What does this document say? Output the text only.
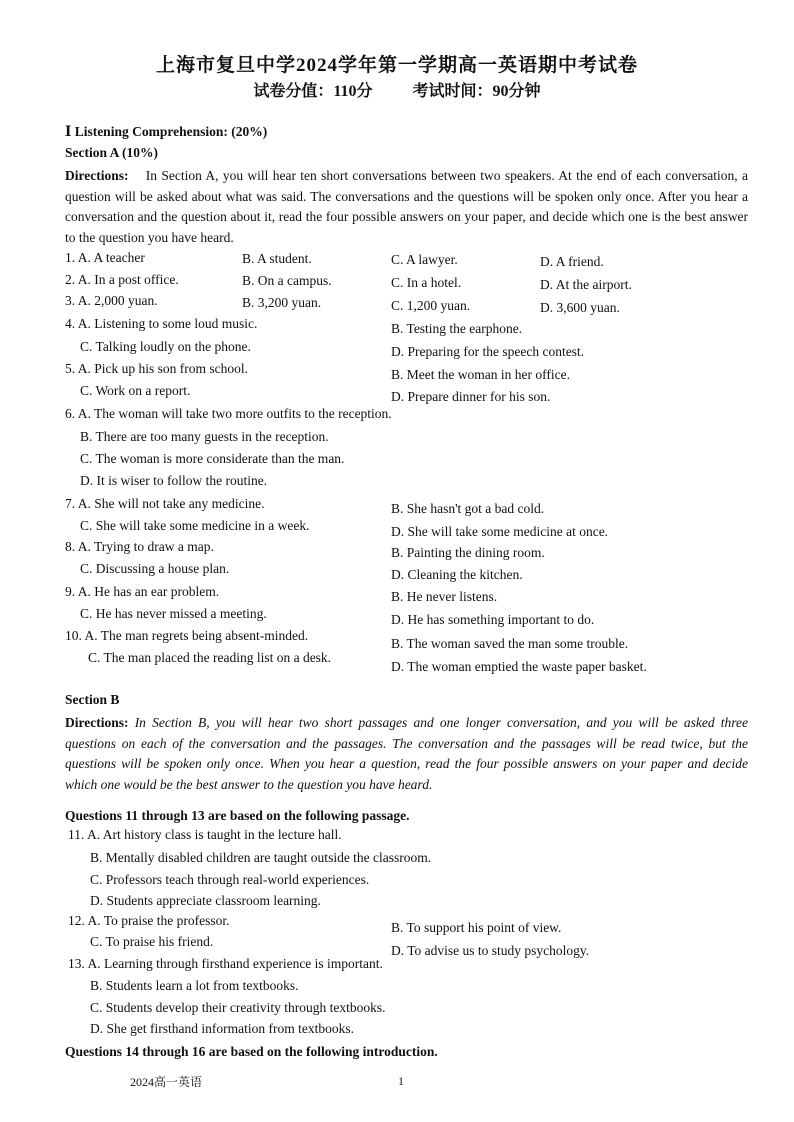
上海市复旦中学2024学年第一学期高一英语期中考试卷
试卷分值：110分	考试时间：90分钟
Ⅰ Listening Comprehension: (20%)
Section A (10%)
Directions: In Section A, you will hear ten short conversations between two speakers. At the end of each conversation, a question will be asked about what was said. The conversations and the questions will be spoken only once. After you hear a conversation and the question about it, read the four possible answers on your paper, and decide which one is the best answer to the question you have heard.
1. A. A teacher	B. A student.	C. A lawyer.	D. A friend.
2. A. In a post office.	B. On a campus.	C. In a hotel.	D. At the airport.
3. A. 2,000 yuan.	B. 3,200 yuan.	C. 1,200 yuan.	D. 3,600 yuan.
4. A. Listening to some loud music.	B. Testing the earphone.
C. Talking loudly on the phone.	D. Preparing for the speech contest.
5. A. Pick up his son from school.	B. Meet the woman in her office.
C. Work on a report.	D. Prepare dinner for his son.
6. A. The woman will take two more outfits to the reception.
B. There are too many guests in the reception.
C. The woman is more considerate than the man.
D. It is wiser to follow the routine.
7. A. She will not take any medicine.	B. She hasn't got a bad cold.
C. She will take some medicine in a week.	D. She will take some medicine at once.
8. A. Trying to draw a map.	B. Painting the dining room.
C. Discussing a house plan.	D. Cleaning the kitchen.
9. A. He has an ear problem.	B. He never listens.
C. He has never missed a meeting.	D. He has something important to do.
10. A. The man regrets being absent-minded.
B. The woman saved the man some trouble.
C. The man placed the reading list on a desk.
D. The woman emptied the waste paper basket.
Section B
Directions: In Section B, you will hear two short passages and one longer conversation, and you will be asked three questions on each of the conversation and the passages. The conversation and the passages will be read twice, but the questions will be spoken only once. When you hear a question, read the four possible answers on your paper and decide which one would be the best answer to the question you have heard.
Questions 11 through 13 are based on the following passage.
11. A. Art history class is taught in the lecture hall.
B. Mentally disabled children are taught outside the classroom.
C. Professors teach through real-world experiences.
D. Students appreciate classroom learning.
12. A. To praise the professor.	B. To support his point of view.
C. To praise his friend.
D. To advise us to study psychology.
13. A. Learning through firsthand experience is important.
B. Students learn a lot from textbooks.
C. Students develop their creativity through textbooks.
D. She get firsthand information from textbooks.
Questions 14 through 16 are based on the following introduction.
2024高一英语	1
